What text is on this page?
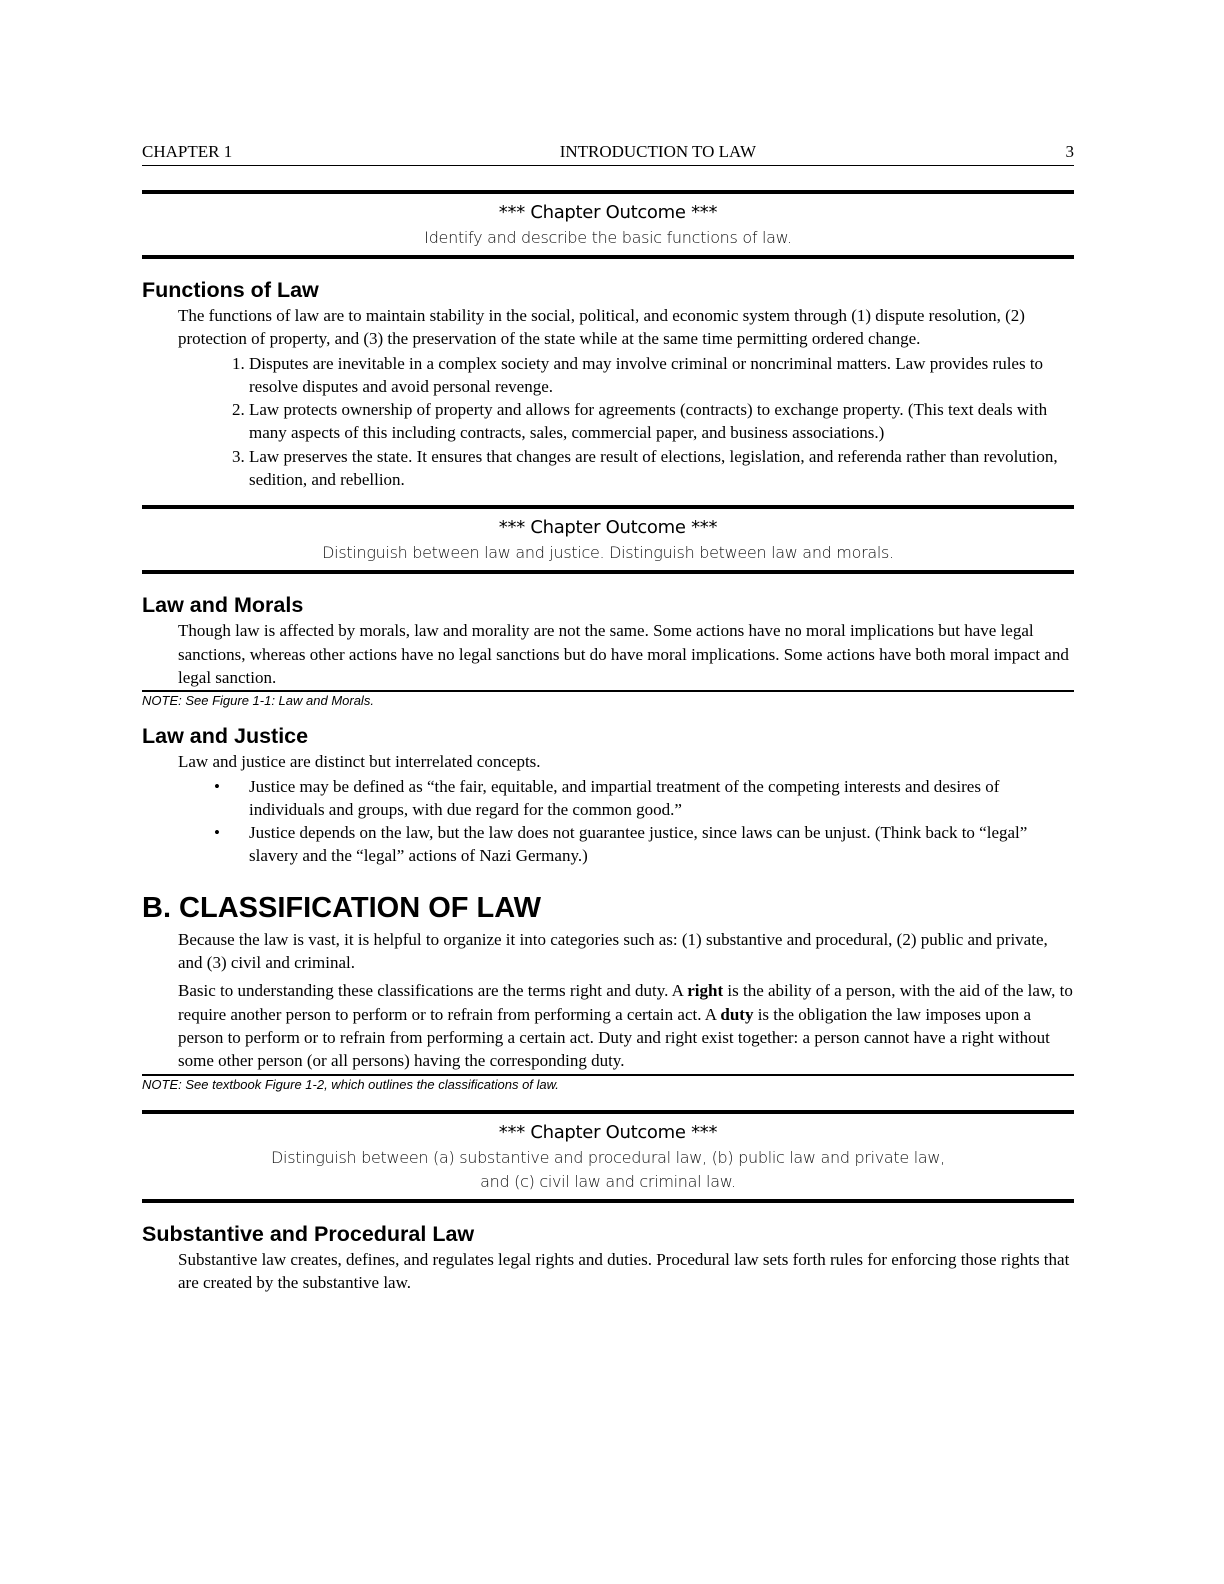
CHAPTER 1	INTRODUCTION TO LAW	3
*** Chapter Outcome ***
Identify and describe the basic functions of law.
Functions of Law

The functions of law are to maintain stability in the social, political, and economic system through (1) dispute resolution, (2) protection of property, and (3) the preservation of the state while at the same time permitting ordered change.

1. Disputes are inevitable in a complex society and may involve criminal or noncriminal matters. Law provides rules to resolve disputes and avoid personal revenge.
2. Law protects ownership of property and allows for agreements (contracts) to exchange property. (This text deals with many aspects of this including contracts, sales, commercial paper, and business associations.)
3. Law preserves the state. It ensures that changes are result of elections, legislation, and referenda rather than revolution, sedition, and rebellion.
*** Chapter Outcome ***
Distinguish between law and justice. Distinguish between law and morals.
Law and Morals

Though law is affected by morals, law and morality are not the same. Some actions have no moral implications but have legal sanctions, whereas other actions have no legal sanctions but do have moral implications. Some actions have both moral impact and legal sanction.

NOTE: See Figure 1-1: Law and Morals.
Law and Justice

Law and justice are distinct but interrelated concepts.

• Justice may be defined as “the fair, equitable, and impartial treatment of the competing interests and desires of individuals and groups, with due regard for the common good.”
• Justice depends on the law, but the law does not guarantee justice, since laws can be unjust. (Think back to “legal” slavery and the “legal” actions of Nazi Germany.)
B. CLASSIFICATION OF LAW

Because the law is vast, it is helpful to organize it into categories such as: (1) substantive and procedural, (2) public and private, and (3) civil and criminal.

Basic to understanding these classifications are the terms right and duty. A right is the ability of a person, with the aid of the law, to require another person to perform or to refrain from performing a certain act. A duty is the obligation the law imposes upon a person to perform or to refrain from performing a certain act. Duty and right exist together: a person cannot have a right without some other person (or all persons) having the corresponding duty.

NOTE: See textbook Figure 1-2, which outlines the classifications of law.
*** Chapter Outcome ***
Distinguish between (a) substantive and procedural law, (b) public law and private law,
and (c) civil law and criminal law.
Substantive and Procedural Law

Substantive law creates, defines, and regulates legal rights and duties. Procedural law sets forth rules for enforcing those rights that are created by the substantive law.
